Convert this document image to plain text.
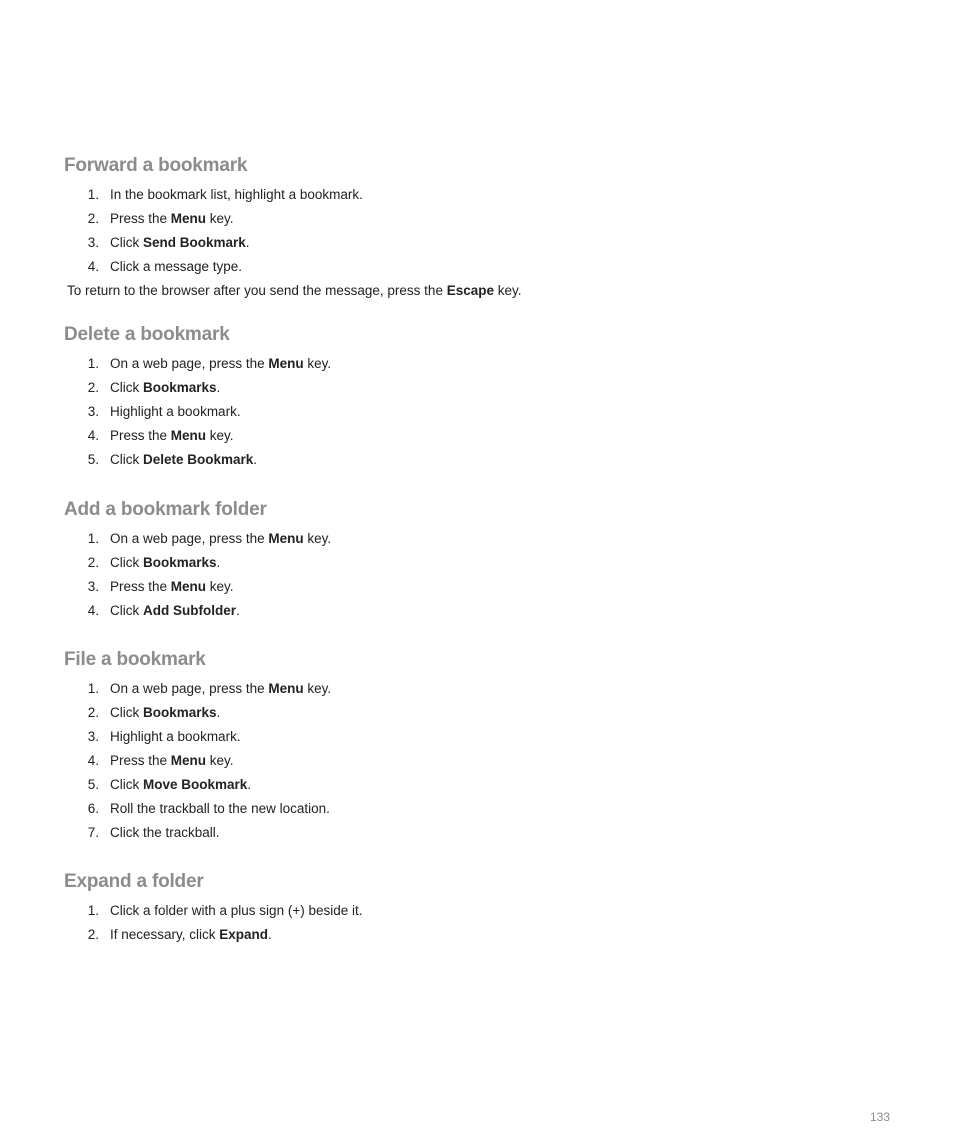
Forward a bookmark
1. In the bookmark list, highlight a bookmark.
2. Press the Menu key.
3. Click Send Bookmark.
4. Click a message type.

To return to the browser after you send the message, press the Escape key.

Delete a bookmark
1. On a web page, press the Menu key.
2. Click Bookmarks.
3. Highlight a bookmark.
4. Press the Menu key.
5. Click Delete Bookmark.
Add a bookmark folder
1. On a web page, press the Menu key.
2. Click Bookmarks.
3. Press the Menu key.
4. Click Add Subfolder.
File a bookmark
1. On a web page, press the Menu key.
2. Click Bookmarks.
3. Highlight a bookmark.
4. Press the Menu key.
5. Click Move Bookmark.
6. Roll the trackball to the new location.
7. Click the trackball.
Expand a folder
1. Click a folder with a plus sign (+) beside it.
2. If necessary, click Expand.
133
